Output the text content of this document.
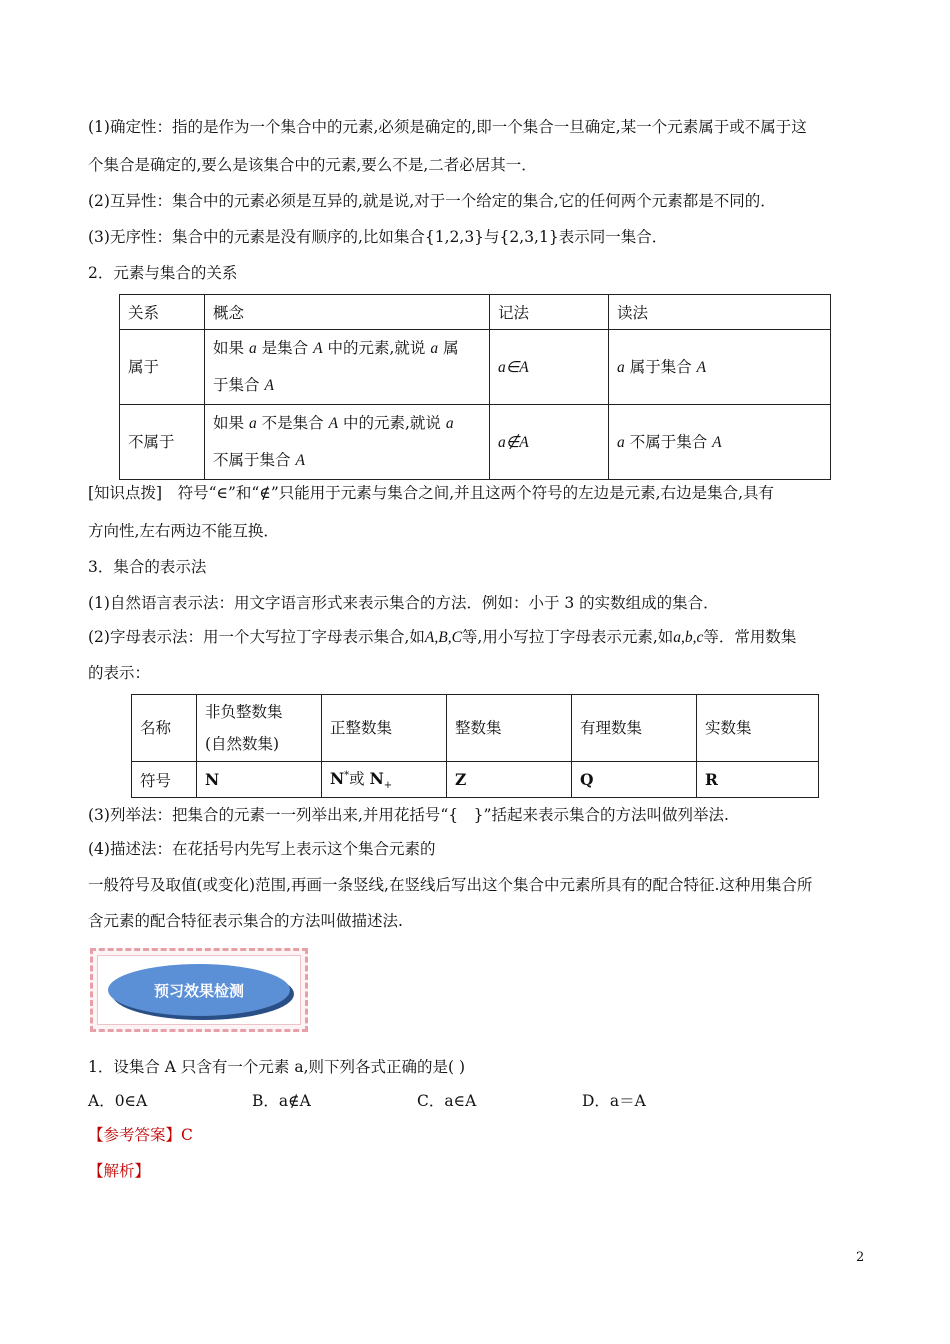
(1)确定性：指的是作为一个集合中的元素,必须是确定的,即一个集合一旦确定,某一个元素属于或不属于这
个集合是确定的,要么是该集合中的元素,要么不是,二者必居其一．
(2)互异性：集合中的元素必须是互异的,就是说,对于一个给定的集合,它的任何两个元素都是不同的．
(3)无序性：集合中的元素是没有顺序的,比如集合{1,2,3}与{2,3,1}表示同一集合．
2．元素与集合的关系
关系	概念	记法	读法
属于	如果 a 是集合 A 中的元素,就说 a 属
于集合 A	a∈A	a 属于集合 A
不属于	如果 a 不是集合 A 中的元素,就说 a
不属于集合 A	a∉A	a 不属于集合 A
[知识点拨]　符号“∈”和“∉”只能用于元素与集合之间,并且这两个符号的左边是元素,右边是集合,具有
方向性,左右两边不能互换．
3．集合的表示法
(1)自然语言表示法：用文字语言形式来表示集合的方法．例如：小于 3 的实数组成的集合．
(2)字母表示法：用一个大写拉丁字母表示集合,如A,B,C等,用小写拉丁字母表示元素,如a,b,c等．常用数集
的表示：
名称	非负整数集
(自然数集)	正整数集	整数集	有理数集	实数集
符号	N	N*或 $N_+$	Z	Q	R
(3)列举法：把集合的元素一一列举出来,并用花括号“{　}”括起来表示集合的方法叫做列举法.
(4)描述法：在花括号内先写上表示这个集合元素的
一般符号及取值(或变化)范围,再画一条竖线,在竖线后写出这个集合中元素所具有的配合特征.这种用集合所
含元素的配合特征表示集合的方法叫做描述法.
预习效果检测
1．设集合 A 只含有一个元素 a,则下列各式正确的是( )
A．0∈A	B．a∉A	C．a∈A	D．a＝A
【参考答案】C
【解析】
2
